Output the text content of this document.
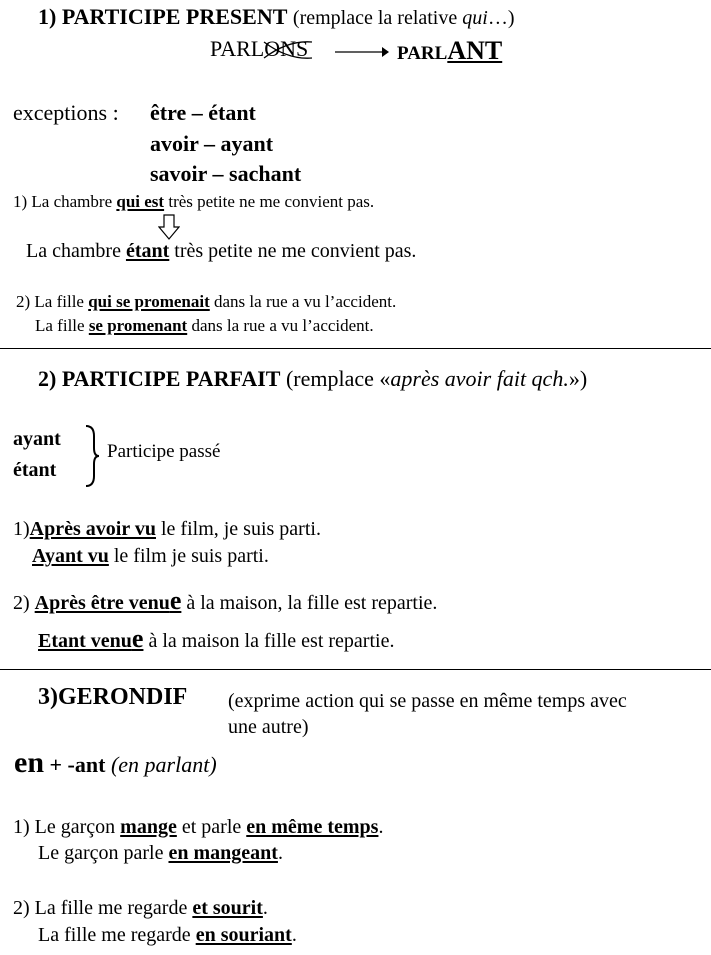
1) PARTICIPE PRESENT (remplace la relative qui…)
PARLONS	PARLANT
exceptions : être – étant
avoir – ayant
savoir – sachant
1) La chambre qui est très petite ne me convient pas.
La chambre étant très petite ne me convient pas.
2) La fille qui se promenait dans la rue a vu l’accident.
La fille se promenant dans la rue a vu l’accident.
2) PARTICIPE PARFAIT (remplace «après avoir fait qch.»)
ayant
étant
Participe passé
1)Après avoir vu le film, je suis parti.
Ayant vu le film je suis parti.
2) Après être venue à la maison, la fille est repartie.
Etant venue à la maison la fille est repartie.
3)GERONDIF (exprime action qui se passe en même temps avec
une autre)
en + -ant (en parlant)
1) Le garçon mange et parle en même temps.
Le garçon parle en mangeant.
2) La fille me regarde et sourit.
La fille me regarde en souriant.
